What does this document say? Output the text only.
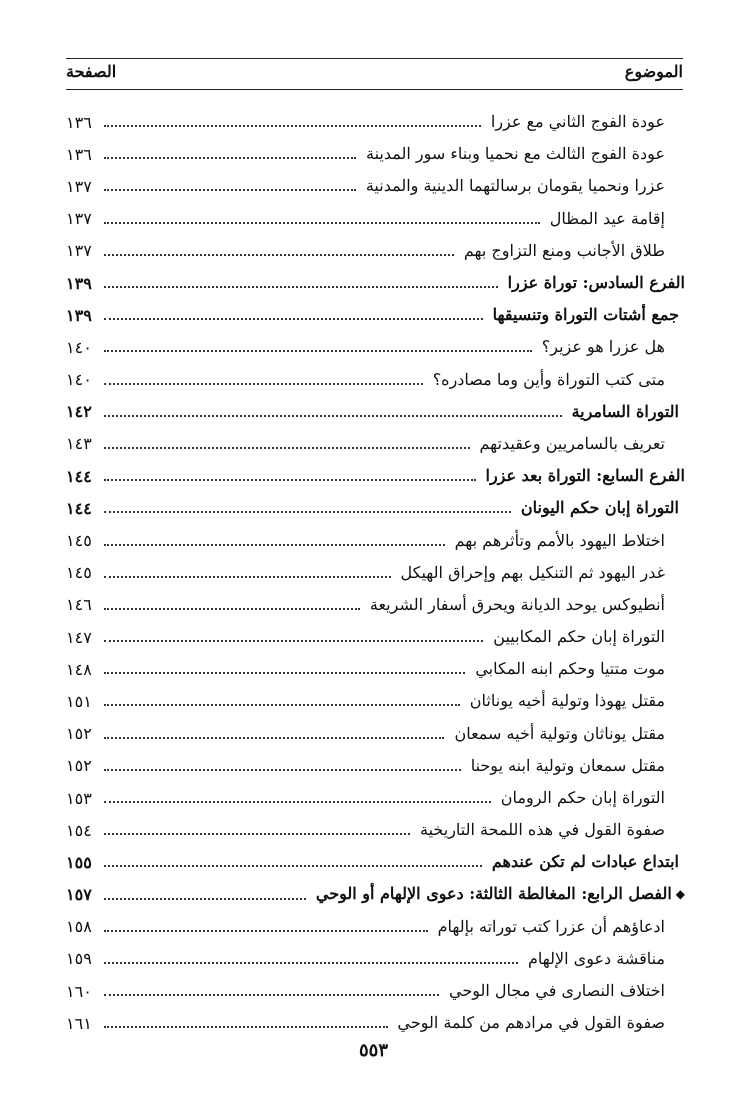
الموضوع
الصفحة
عودة الفوج الثاني مع عزرا
١٣٦
عودة الفوج الثالث مع نحميا وبناء سور المدينة
١٣٦
عزرا ونحميا يقومان برسالتهما الدينية والمدنية
١٣٧
إقامة عيد المظال
١٣٧
طلاق الأجانب ومنع التزاوج بهم
١٣٧
الفرع السادس: توراة عزرا
١٣٩
جمع أشتات التوراة وتنسيقها
١٣٩
هل عزرا هو عزير؟
١٤٠
متى كتب التوراة وأين وما مصادره؟
١٤٠
التوراة السامرية
١٤٢
تعريف بالسامريين وعقيدتهم
١٤٣
الفرع السابع: التوراة بعد عزرا
١٤٤
التوراة إبان حكم اليونان
١٤٤
اختلاط اليهود بالأمم وتأثرهم بهم
١٤٥
غدر اليهود ثم التنكيل بهم وإحراق الهيكل
١٤٥
أنطيوكس يوحد الديانة ويحرق أسفار الشريعة
١٤٦
التوراة إبان حكم المكابيين
١٤٧
موت متتيا وحكم ابنه المكابي
١٤٨
مقتل يهوذا وتولية أخيه يوناثان
١٥١
مقتل يوناثان وتولية أخيه سمعان
١٥٢
مقتل سمعان وتولية ابنه يوحنا
١٥٢
التوراة إبان حكم الرومان
١٥٣
صفوة القول في هذه اللمحة التاريخية
١٥٤
ابتداع عبادات لم تكن عندهم
١٥٥
◆الفصل الرابع: المغالطة الثالثة: دعوى الإلهام أو الوحي
١٥٧
ادعاؤهم أن عزرا كتب توراته بإلهام
١٥٨
مناقشة دعوى الإلهام
١٥٩
اختلاف النصارى في مجال الوحي
١٦٠
صفوة القول في مرادهم من كلمة الوحي
١٦١
٥٥٣
